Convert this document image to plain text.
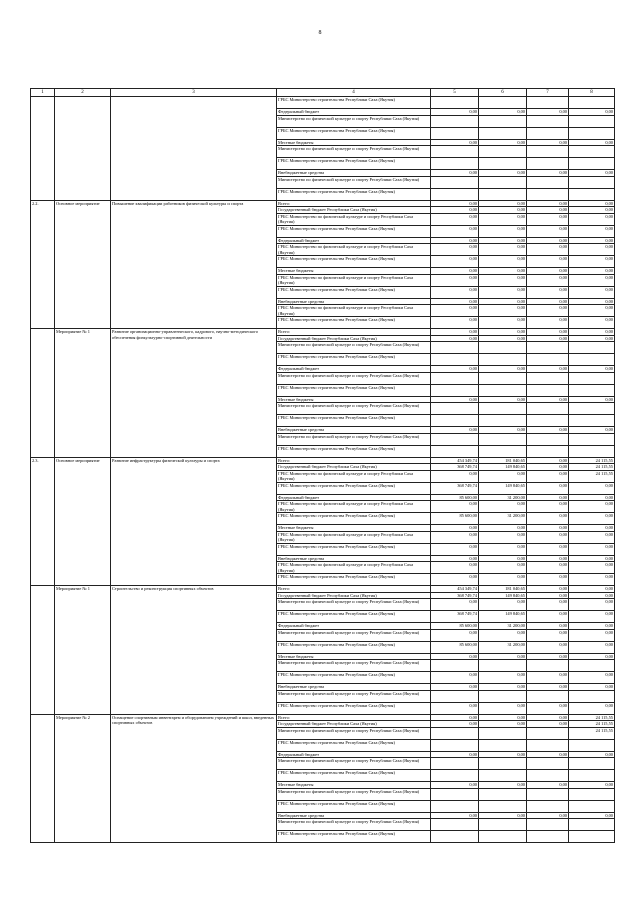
8
1	2	3	4	5	6	7	8
			ГРБС Министерство строительства Республики Саха (Якутия)				
			Федеральный бюджет	0,00	0,00	0,00	0,00
			Министерство по физической культуре и спорту Республики Саха (Якутия)				
			ГРБС Министерство строительства Республики Саха (Якутия)				
			Местные бюджеты	0,00	0,00	0,00	0,00
			Министерство по физической культуре и спорту Республики Саха (Якутия)				
			ГРБС Министерство строительства Республики Саха (Якутия)				
			Внебюджетные средства	0,00	0,00	0,00	0,00
			Министерство по физической культуре и спорту Республики Саха (Якутия)				
			ГРБС Министерство строительства Республики Саха (Якутия)				
2.2.	Основное мероприятие	Повышение квалификации работников физической культуры и спорта	Всего:	0,00	0,00	0,00	0,00
			Государственный бюджет Республики Саха (Якутия)	0,00	0,00	0,00	0,00
			ГРБС Министерство по физической культуре и спорту Республики Саха (Якутия)	0,00	0,00	0,00	0,00
			ГРБС Министерство строительства Республики Саха (Якутия)	0,00	0,00	0,00	0,00
			Федеральный бюджет	0,00	0,00	0,00	0,00
			ГРБС Министерство по физической культуре и спорту Республики Саха (Якутия)	0,00	0,00	0,00	0,00
			ГРБС Министерство строительства Республики Саха (Якутия)	0,00	0,00	0,00	0,00
			Местные бюджеты	0,00	0,00	0,00	0,00
			ГРБС Министерство по физической культуре и спорту Республики Саха (Якутия)	0,00	0,00	0,00	0,00
			ГРБС Министерство строительства Республики Саха (Якутия)	0,00	0,00	0,00	0,00
			Внебюджетные средства	0,00	0,00	0,00	0,00
			ГРБС Министерство по физической культуре и спорту Республики Саха (Якутия)	0,00	0,00	0,00	0,00
			ГРБС Министерство строительства Республики Саха (Якутия)	0,00	0,00	0,00	0,00
	Мероприятие № 1	Развитие организационно-управленческого, кадрового, научно-методического обеспечения физкультурно-спортивной деятельности	Всего:	0,00	0,00	0,00	0,00
			Государственный бюджет Республики Саха (Якутия)	0,00	0,00	0,00	0,00
			Министерство по физической культуре и спорту Республики Саха (Якутия)				
			ГРБС Министерство строительства Республики Саха (Якутия)				
			Федеральный бюджет	0,00	0,00	0,00	0,00
			Министерство по физической культуре и спорту Республики Саха (Якутия)				
			ГРБС Министерство строительства Республики Саха (Якутия)				
			Местные бюджеты	0,00	0,00	0,00	0,00
			Министерство по физической культуре и спорту Республики Саха (Якутия)				
			ГРБС Министерство строительства Республики Саха (Якутия)				
			Внебюджетные средства	0,00	0,00	0,00	0,00
			Министерство по физической культуре и спорту Республики Саха (Якутия)				
			ГРБС Министерство строительства Республики Саха (Якутия)				
2.3.	Основное мероприятие	Развитие инфраструктуры физической культуры и спорта	Всего:	454 349,74	181 040,65	0,00	24 115,55
			Государственный бюджет Республики Саха (Якутия)	368 749,74	149 840,65	0,00	24 115,55
			ГРБС Министерство по физической культуре и спорту Республики Саха (Якутия)	0,00	0,00	0,00	24 115,55
			ГРБС Министерство строительства Республики Саха (Якутия)	368 749,74	149 840,65	0,00	0,00
			Федеральный бюджет	85 600,00	31 200,00	0,00	0,00
			ГРБС Министерство по физической культуре и спорту Республики Саха (Якутия)	0,00	0,00	0,00	0,00
			ГРБС Министерство строительства Республики Саха (Якутия)	85 600,00	31 200,00	0,00	0,00
			Местные бюджеты	0,00	0,00	0,00	0,00
			ГРБС Министерство по физической культуре и спорту Республики Саха (Якутия)	0,00	0,00	0,00	0,00
			ГРБС Министерство строительства Республики Саха (Якутия)	0,00	0,00	0,00	0,00
			Внебюджетные средства	0,00	0,00	0,00	0,00
			ГРБС Министерство по физической культуре и спорту Республики Саха (Якутия)	0,00	0,00	0,00	0,00
			ГРБС Министерство строительства Республики Саха (Якутия)	0,00	0,00	0,00	0,00
	Мероприятие № 1	Строительство и реконструкция спортивных объектов	Всего:	454 349,74	181 040,65	0,00	0,00
			Государственный бюджет Республики Саха (Якутия)	368 749,74	149 840,65	0,00	0,00
			Министерство по физической культуре и спорту Республики Саха (Якутия)	0,00	0,00	0,00	0,00
			ГРБС Министерство строительства Республики Саха (Якутия)	368 749,74	149 840,65	0,00	0,00
			Федеральный бюджет	85 600,00	31 200,00	0,00	0,00
			Министерство по физической культуре и спорту Республики Саха (Якутия)	0,00	0,00	0,00	0,00
			ГРБС Министерство строительства Республики Саха (Якутия)	85 600,00	31 200,00	0,00	0,00
			Местные бюджеты	0,00	0,00	0,00	0,00
			Министерство по физической культуре и спорту Республики Саха (Якутия)				
			ГРБС Министерство строительства Республики Саха (Якутия)	0,00	0,00	0,00	0,00
			Внебюджетные средства	0,00	0,00	0,00	0,00
			Министерство по физической культуре и спорту Республики Саха (Якутия)				
			ГРБС Министерство строительства Республики Саха (Якутия)	0,00	0,00	0,00	0,00
	Мероприятие № 2	Оснащение спортивным инвентарем и оборудованием учреждений и школ, введенных спортивных объектов	Всего:	0,00	0,00	0,00	24 115,55
			Государственный бюджет Республики Саха (Якутия)	0,00	0,00	0,00	24 115,55
			Министерство по физической культуре и спорту Республики Саха (Якутия)				24 115,55
			ГРБС Министерство строительства Республики Саха (Якутия)				
			Федеральный бюджет	0,00	0,00	0,00	0,00
			Министерство по физической культуре и спорту Республики Саха (Якутия)				
			ГРБС Министерство строительства Республики Саха (Якутия)				
			Местные бюджеты	0,00	0,00	0,00	0,00
			Министерство по физической культуре и спорту Республики Саха (Якутия)				
			ГРБС Министерство строительства Республики Саха (Якутия)				
			Внебюджетные средства	0,00	0,00	0,00	0,00
			Министерство по физической культуре и спорту Республики Саха (Якутия)				
			ГРБС Министерство строительства Республики Саха (Якутия)				
